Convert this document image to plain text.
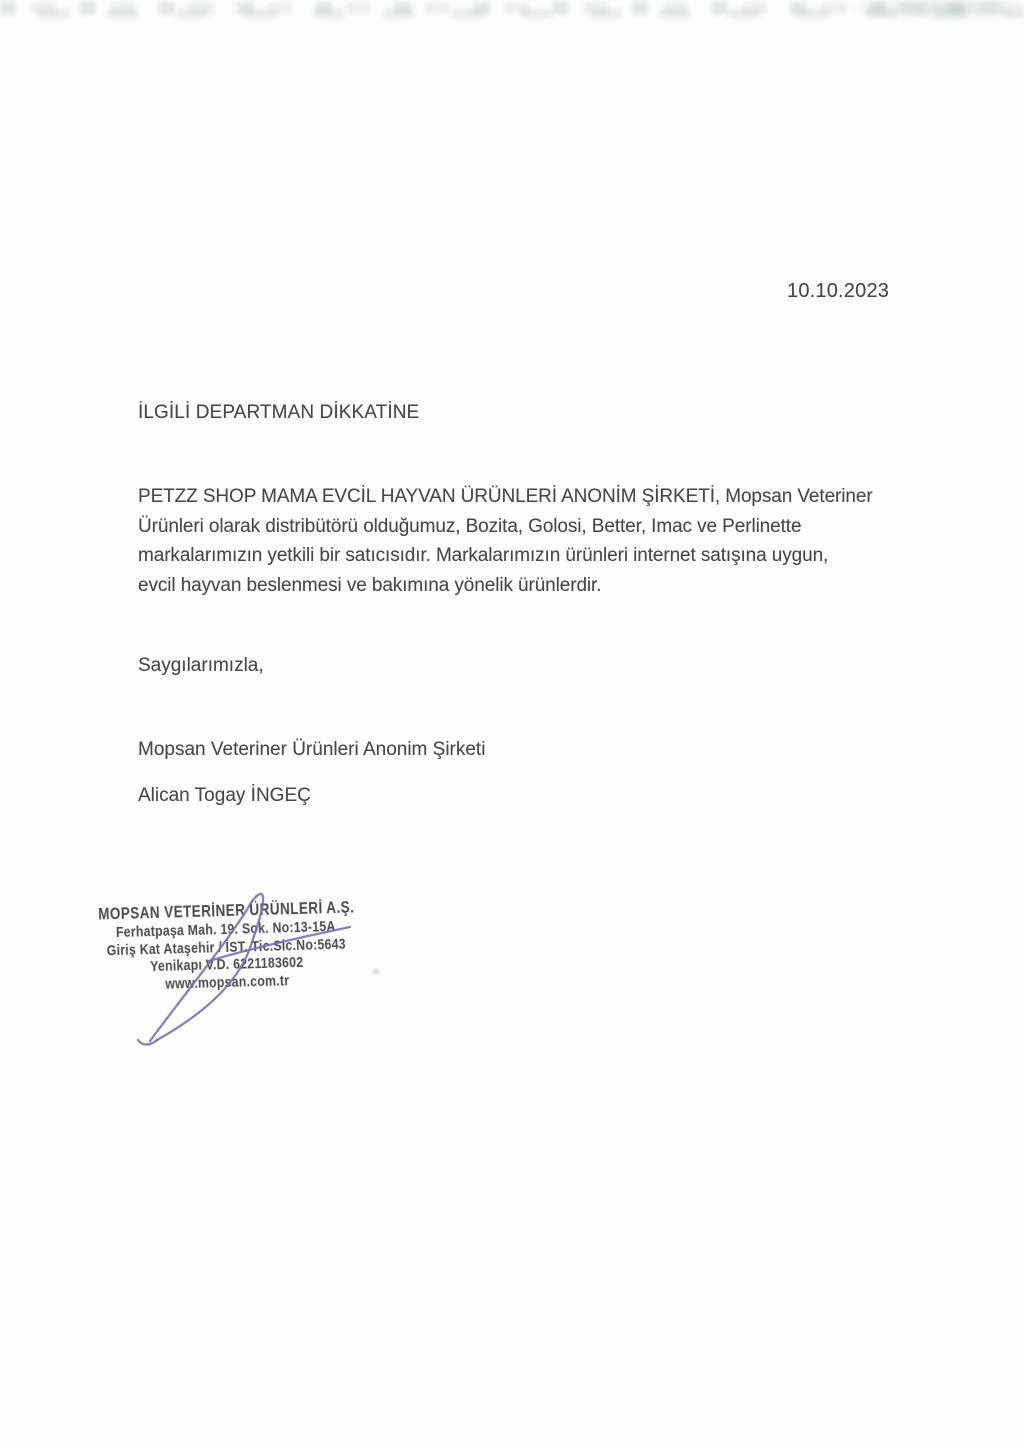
10.10.2023
İLGİLİ DEPARTMAN DİKKATİNE
PETZZ SHOP MAMA EVCİL HAYVAN ÜRÜNLERİ ANONİM ŞİRKETİ, Mopsan Veteriner
Ürünleri olarak distribütörü olduğumuz, Bozita, Golosi, Better, Imac ve Perlinette
markalarımızın yetkili bir satıcısıdır. Markalarımızın ürünleri internet satışına uygun,
evcil hayvan beslenmesi ve bakımına yönelik ürünlerdir.
Saygılarımızla,
Mopsan Veteriner Ürünleri Anonim Şirketi
Alican Togay İNGEÇ
MOPSAN VETERİNER ÜRÜNLERİ A.Ş.
Ferhatpaşa Mah. 19. Sok. No:13-15A
Giriş Kat Ataşehir / İST. Tic.Sic.No:5643
Yenikapı V.D. 6221183602
www.mopsan.com.tr
